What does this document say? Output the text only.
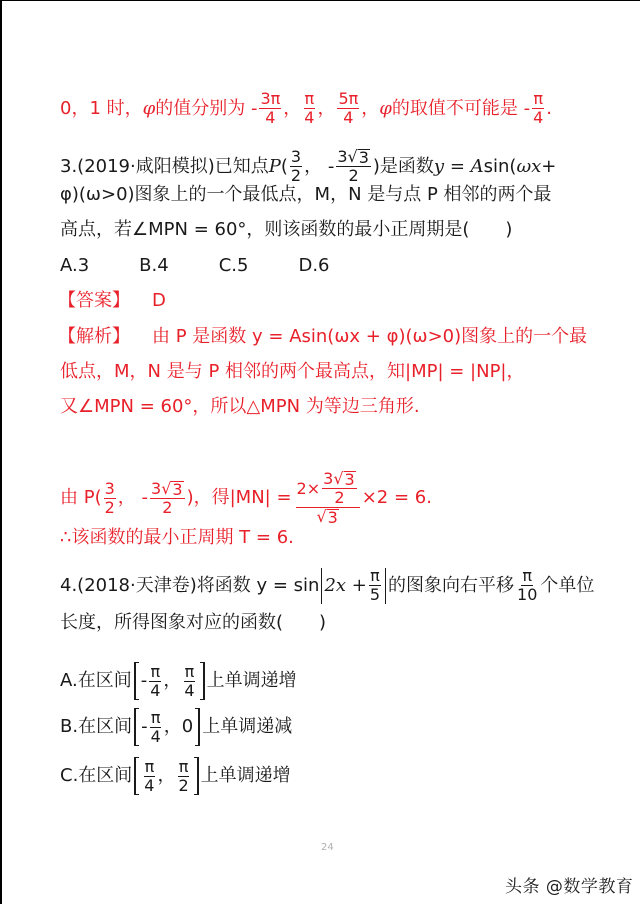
0，1 时， φ 的值分别为 - $\frac{3\pi}{4}$ ， $\frac{\pi}{4}$ ， $\frac{5\pi}{4}$ ， φ 的取值不可能是 - $\frac{\pi}{4}$ .
3.(2019·咸阳模拟)已知点 P ( $\frac{3}{2}$ ， - $\frac{3 √ 3}{2}$ )是函数 y = A sin( ωx +
φ)(ω>0)图象上的一个最低点，M，N 是与点 P 相邻的两个最
高点，若∠MPN = 60°，则该函数的最小正周期是(　　)
A.3	B.4	C.5	D.6
【答案】 D
【解析】 由 P 是函数 y = Asin(ωx + φ)(ω>0)图象上的一个最
低点，M，N 是与 P 相邻的两个最高点，知|MP| = |NP|，
又∠MPN = 60°，所以△MPN 为等边三角形.
由 $P( \frac{3}{2}$ ， - $\frac{3 √ 3}{2}$ )，得$|MN| = \frac{2\times \frac{3 √ 3}{2}}{√ 3} \times 2 = 6$.
∴该函数的最小正周期 T = 6.
4.(2018·天津卷)将函数 $y = \sin 2x + \frac{\pi}{5}$ 的图象向右平移 $\frac{\pi}{10}$ 个单位
长度，所得图象对应的函数(　　)
A.在区间 - $\frac{\pi}{4}$ ， $\frac{\pi}{4}$ 上单调递增
B.在区间 - $\frac{\pi}{4}$ ， 0 上单调递减
C.在区间 $\frac{\pi}{4}$ ， $\frac{\pi}{2}$ 上单调递增
24
头条 @数学教育
